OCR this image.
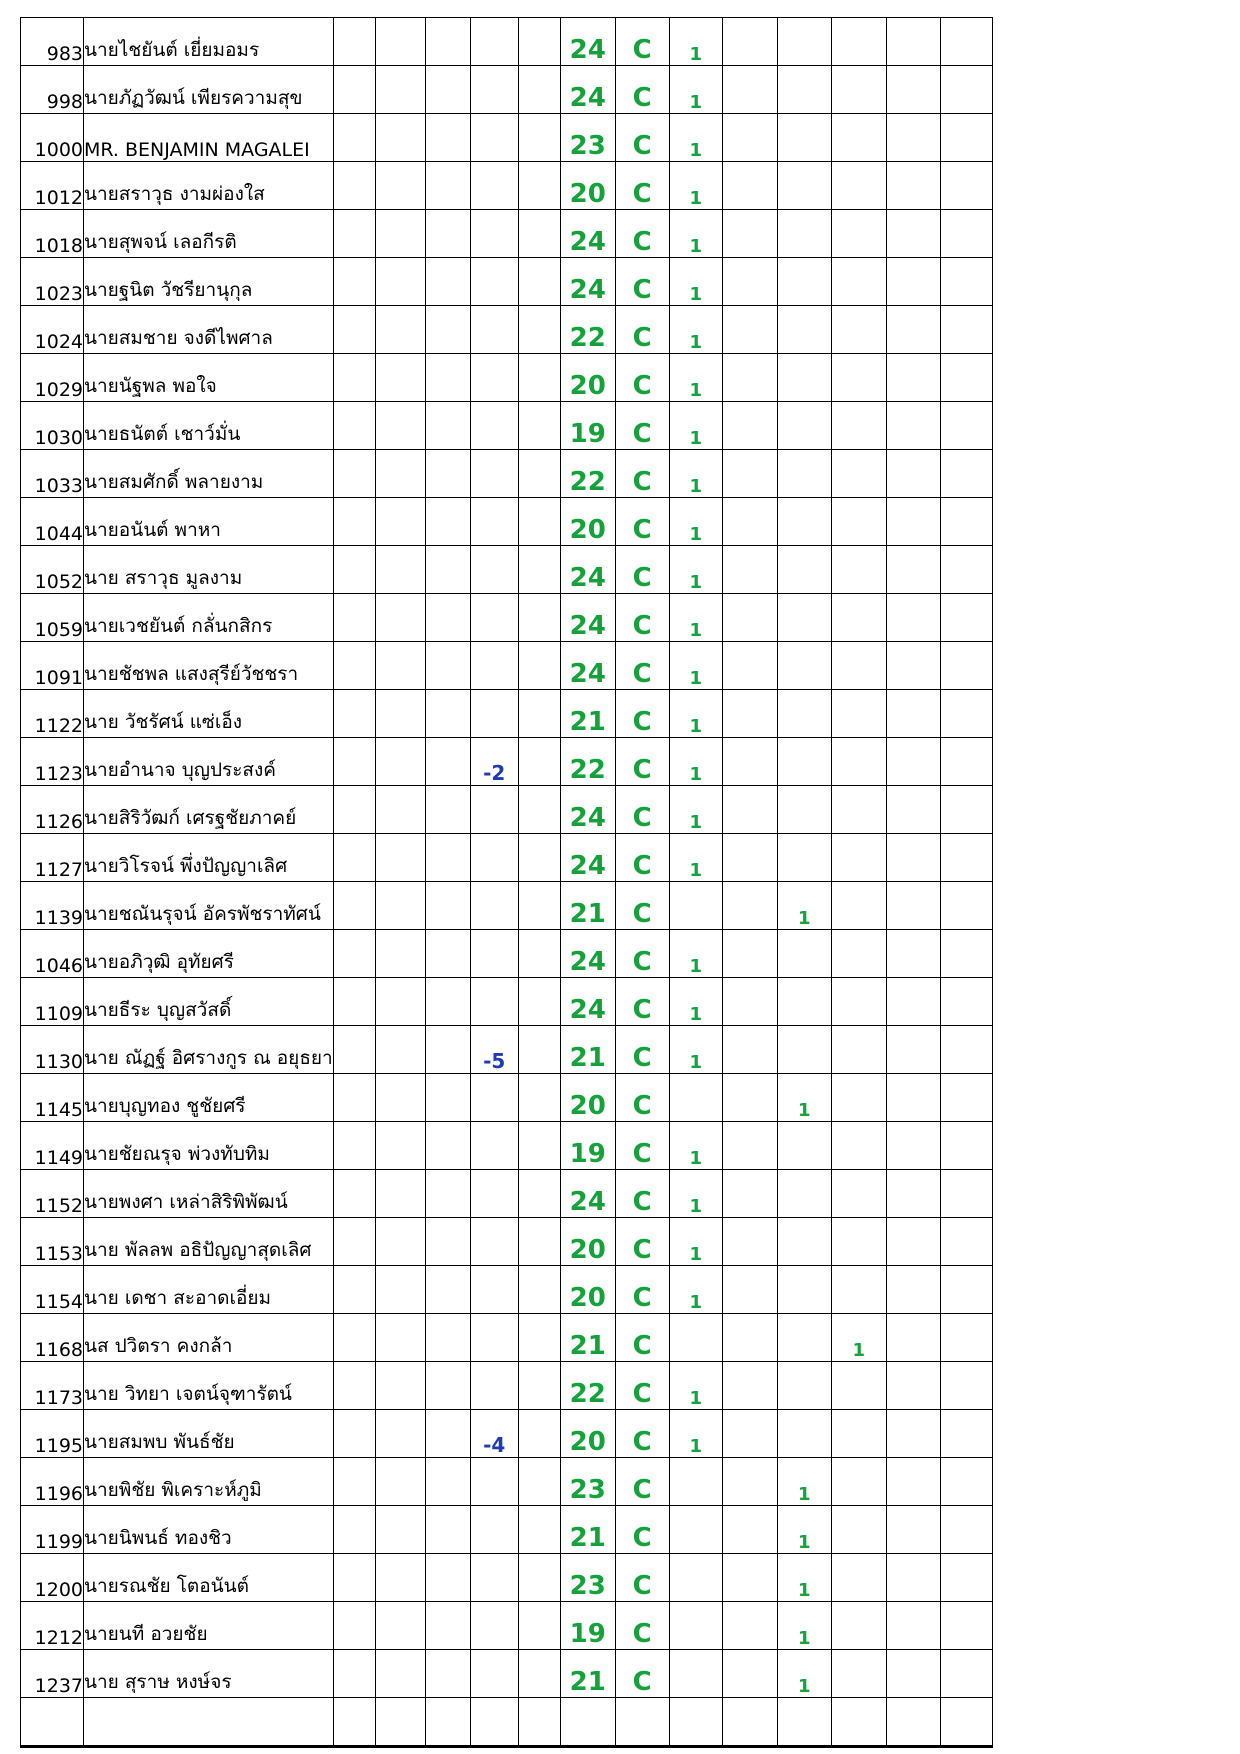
983	นายไชยันต์ เยี่ยมอมร						24	C	1					
998	นายภัฏวัฒน์ เพียรความสุข						24	C	1					
1000	MR. BENJAMIN MAGALEI						23	C	1					
1012	นายสราวุธ งามผ่องใส						20	C	1					
1018	นายสุพจน์ เลอกีรติ						24	C	1					
1023	นายฐนิต วัชรียานุกุล						24	C	1					
1024	นายสมชาย จงดีไพศาล						22	C	1					
1029	นายนัฐพล พอใจ						20	C	1					
1030	นายธนัตต์ เชาว์มั่น						19	C	1					
1033	นายสมศักดิ์ พลายงาม						22	C	1					
1044	นายอนันต์ พาหา						20	C	1					
1052	นาย สราวุธ มูลงาม						24	C	1					
1059	นายเวชยันต์ กลั่นกสิกร						24	C	1					
1091	นายชัชพล แสงสุรีย์วัชชรา						24	C	1					
1122	นาย วัชรัศน์ แซ่เอ็ง						21	C	1					
1123	นายอำนาจ บุญประสงค์				-2		22	C	1					
1126	นายสิริวัฒก์ เศรฐชัยภาคย์						24	C	1					
1127	นายวิโรจน์ พึ่งปัญญาเลิศ						24	C	1					
1139	นายชณันรุจน์ อัครพัชราทัศน์						21	C			1			
1046	นายอภิวุฒิ อุทัยศรี						24	C	1					
1109	นายธีระ บุญสวัสดิ์						24	C	1					
1130	นาย ณัฏฐ์ อิศรางกูร ณ อยุธยา				-5		21	C	1					
1145	นายบุญทอง ชูชัยศรี						20	C			1			
1149	นายชัยณรุจ พ่วงทับทิม						19	C	1					
1152	นายพงศา เหล่าสิริพิพัฒน์						24	C	1					
1153	นาย พัลลพ อธิปัญญาสุดเลิศ						20	C	1					
1154	นาย เดชา สะอาดเอี่ยม						20	C	1					
1168	นส ปวิตรา คงกล้า						21	C				1		
1173	นาย วิทยา เจตน์จุฑารัตน์						22	C	1					
1195	นายสมพบ พันธ์ชัย				-4		20	C	1					
1196	นายพิชัย พิเคราะห์ภูมิ						23	C			1			
1199	นายนิพนธ์ ทองชิว						21	C			1			
1200	นายรณชัย โตอนันต์						23	C			1			
1212	นายนที อวยชัย						19	C			1			
1237	นาย สุราษ หงษ์จร						21	C			1			
